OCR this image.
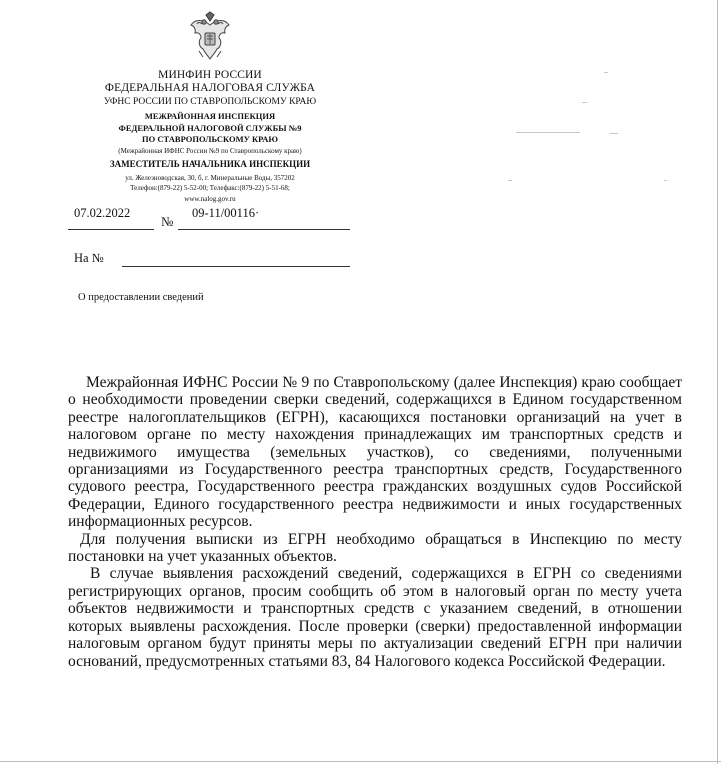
МИНФИН РОССИИ
ФЕДЕРАЛЬНАЯ НАЛОГОВАЯ СЛУЖБА
УФНС РОССИИ ПО СТАВРОПОЛЬСКОМУ КРАЮ
МЕЖРАЙОННАЯ ИНСПЕКЦИЯ
ФЕДЕРАЛЬНОЙ НАЛОГОВОЙ СЛУЖБЫ №9
ПО СТАВРОПОЛЬСКОМУ КРАЮ
(Межрайонная ИФНС России №9 по Ставропольскому краю)
ЗАМЕСТИТЕЛЬ НАЧАЛЬНИКА ИНСПЕКЦИИ
ул. Железноводская, 30, б, г. Минеральные Воды, 357202
Телефон:(879-22) 5-52-00; Телефакс:(879-22) 5-51-68;
www.nalog.gov.ru
07.02.2022
№
09-11/00116·
На №
О предоставлении сведений

Межрайонная ИФНС России № 9 по Ставропольскому (далее Инспекция) краю сообщает о необходимости проведении сверки сведений, содержащихся в Едином государственном реестре налогоплательщиков (ЕГРН), касающихся постановки организаций на учет в налоговом органе по месту нахождения принадлежащих им транспортных средств и недвижимого имущества (земельных участков), со сведениями, полученными организациями из Государственного реестра транспортных средств, Государственного судового реестра, Государственного реестра гражданских воздушных судов Российской Федерации, Единого государственного реестра недвижимости и иных государственных информационных ресурсов.

Для получения выписки из ЕГРН необходимо обращаться в Инспекцию по месту постановки на учет указанных объектов.

В случае выявления расхождений сведений, содержащихся в ЕГРН со сведениями регистрирующих органов, просим сообщить об этом в налоговый орган по месту учета объектов недвижимости и транспортных средств с указанием сведений, в отношении которых выявлены расхождения. После проверки (сверки) предоставленной информации налоговым органом будут приняты меры по актуализации сведений ЕГРН при наличии оснований, предусмотренных статьями 83, 84 Налогового кодекса Российской Федерации.
